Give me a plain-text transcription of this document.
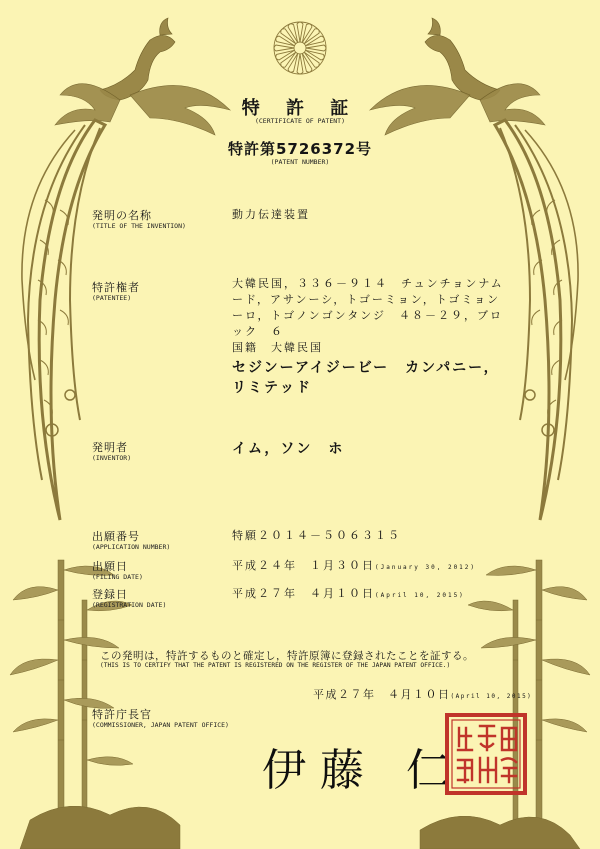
特 許 証
(CERTIFICATE OF PATENT)
特許第5726372号
(PATENT NUMBER)
発明の名称
(TITLE OF THE INVENTION)
動力伝達装置
特許権者
(PATENTEE)
大韓民国，３３６－９１４　チュンチョンナム
ード，アサンーシ，トゴーミョン，トゴミョン
ーロ，トゴノンゴンタンジ　４８－２９，ブロ
ック　６
国籍　大韓民国
セジンーアイジービー　カンパニー，
リミテッド
発明者
(INVENTOR)
イム，ソン　ホ
出願番号
(APPLICATION NUMBER)
特願２０１４－５０６３１５
出願日
(FILING DATE)
平成２４年　１月３０日(January 30, 2012)
登録日
(REGISTRATION DATE)
平成２７年　４月１０日(April 10, 2015)
この発明は，特許するものと確定し，特許原簿に登録されたことを証する。
(THIS IS TO CERTIFY THAT THE PATENT IS REGISTERED ON THE REGISTER OF THE JAPAN PATENT OFFICE.)
平成２７年　４月１０日(April 10, 2015)
特許庁長官
(COMMISSIONER, JAPAN PATENT OFFICE)
伊藤 仁
